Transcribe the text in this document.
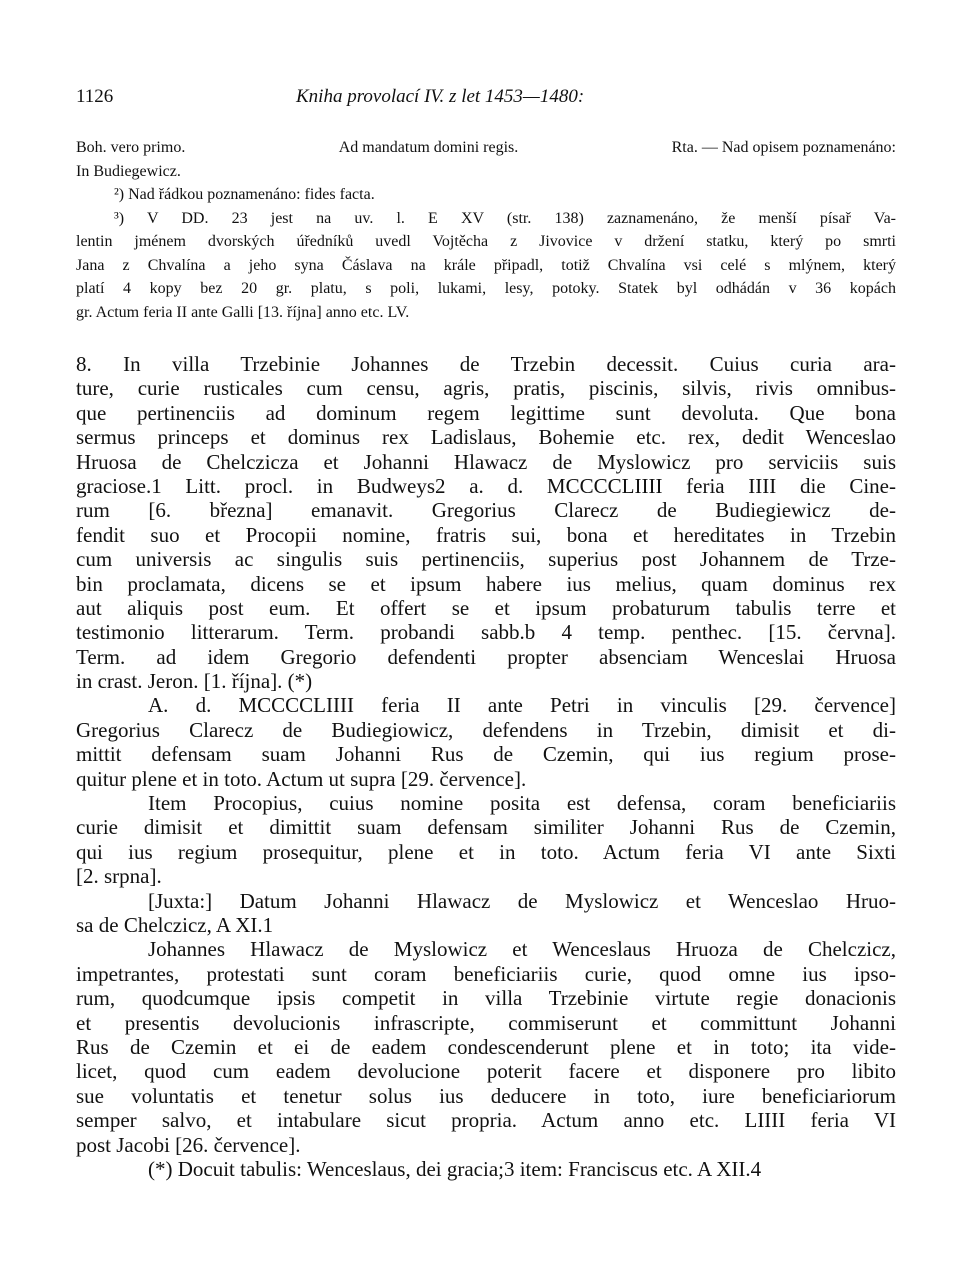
1126	Kniha provolací IV. z let 1453—1480:
Boh. vero primo.	Ad mandatum domini regis.	Rta. — Nad opisem poznamenáno:
In Budiegewicz.
²) Nad řádkou poznamenáno: fides facta.
³) V DD. 23 jest na uv. l. E XV (str. 138) zaznamenáno, že menší písař Va-
lentin jménem dvorských úředníků uvedl Vojtěcha z Jivovice v držení statku, který po smrti
Jana z Chvalína a jeho syna Čáslava na krále připadl, totiž Chvalína vsi celé s mlýnem, který
platí 4 kopy bez 20 gr. platu, s poli, lukami, lesy, potoky. Statek byl odhádán v 36 kopách
gr. Actum feria II ante Galli [13. října] anno etc. LV.
8. In villa Trzebinie Johannes de Trzebin decessit. Cuius curia ara-
ture, curie rusticales cum censu, agris, pratis, piscinis, silvis, rivis omnibus-
que pertinenciis ad dominum regem legittime sunt devoluta. Que bona
sermus princeps et dominus rex Ladislaus, Bohemie etc. rex, dedit Wenceslao
Hruosa de Chelczicza et Johanni Hlawacz de Myslowicz pro serviciis suis
graciose.1 Litt. procl. in Budweys2 a. d. MCCCCLIIII feria IIII die Cine-
rum [6. března] emanavit. Gregorius Clarecz de Budiegiewicz de-
fendit suo et Procopii nomine, fratris sui, bona et hereditates in Trzebin
cum universis ac singulis suis pertinenciis, superius post Johannem de Trze-
bin proclamata, dicens se et ipsum habere ius melius, quam dominus rex
aut aliquis post eum. Et offert se et ipsum probaturum tabulis terre et
testimonio litterarum. Term. probandi sabb.b 4 temp. penthec. [15. června].
Term. ad idem Gregorio defendenti propter absenciam Wenceslai Hruosa
in crast. Jeron. [1. října]. (*)
A. d. MCCCCLIIII feria II ante Petri in vinculis [29. července]
Gregorius Clarecz de Budiegiowicz, defendens in Trzebin, dimisit et di-
mittit defensam suam Johanni Rus de Czemin, qui ius regium prose-
quitur plene et in toto. Actum ut supra [29. července].
Item Procopius, cuius nomine posita est defensa, coram beneficiariis
curie dimisit et dimittit suam defensam similiter Johanni Rus de Czemin,
qui ius regium prosequitur, plene et in toto. Actum feria VI ante Sixti
[2. srpna].
[Juxta:] Datum Johanni Hlawacz de Myslowicz et Wenceslao Hruo-
sa de Chelczicz, A XI.1
Johannes Hlawacz de Myslowicz et Wenceslaus Hruoza de Chelczicz,
impetrantes, protestati sunt coram beneficiariis curie, quod omne ius ipso-
rum, quodcumque ipsis competit in villa Trzebinie virtute regie donacionis
et presentis devolucionis infrascripte, commiserunt et committunt Johanni
Rus de Czemin et ei de eadem condescenderunt plene et in toto; ita vide-
licet, quod cum eadem devolucione poterit facere et disponere pro libito
sue voluntatis et tenetur solus ius deducere in toto, iure beneficiariorum
semper salvo, et intabulare sicut propria. Actum anno etc. LIIII feria VI
post Jacobi [26. července].
(*) Docuit tabulis: Wenceslaus, dei gracia;3 item: Franciscus etc. A XII.4
